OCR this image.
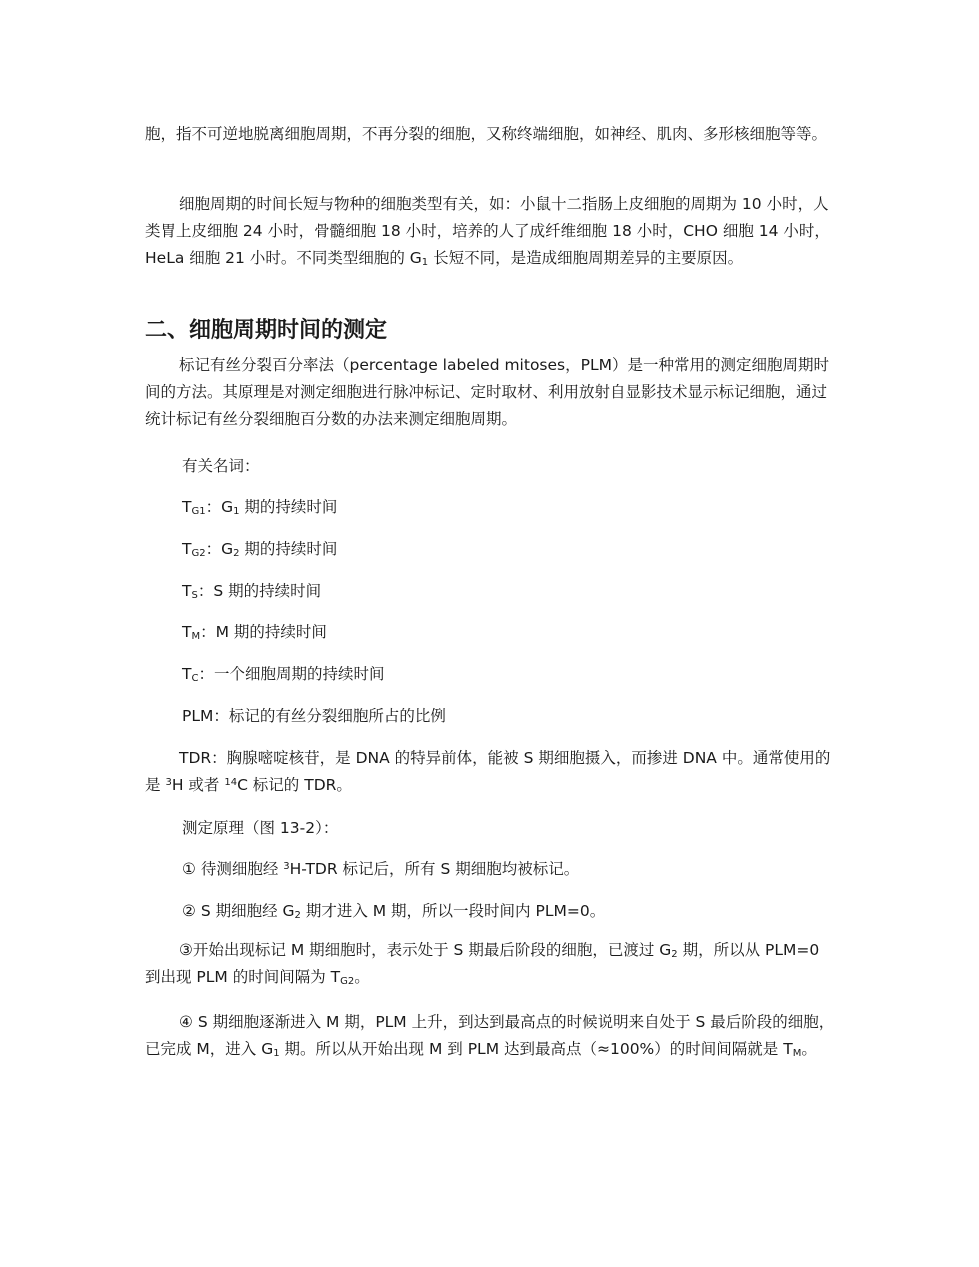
胞，指不可逆地脱离细胞周期，不再分裂的细胞，又称终端细胞，如神经、肌肉、多形核细胞等等。
细胞周期的时间长短与物种的细胞类型有关，如：小鼠十二指肠上皮细胞的周期为 10 小时，人类胃上皮细胞 24 小时，骨髓细胞 18 小时，培养的人了成纤维细胞 18 小时，CHO 细胞 14 小时，HeLa 细胞 21 小时。不同类型细胞的 $G_1$ 长短不同，是造成细胞周期差异的主要原因。
二、细胞周期时间的测定
标记有丝分裂百分率法（percentage labeled mitoses，PLM）是一种常用的测定细胞周期时间的方法。其原理是对测定细胞进行脉冲标记、定时取材、利用放射自显影技术显示标记细胞，通过统计标记有丝分裂细胞百分数的办法来测定细胞周期。
有关名词：
$T_{G1}$：$G_1$ 期的持续时间
$T_{G2}$：$G_2$ 期的持续时间
$T_S$：S 期的持续时间
$T_M$：M 期的持续时间
$T_C$：一个细胞周期的持续时间
PLM：标记的有丝分裂细胞所占的比例
TDR：胸腺嘧啶核苷，是 DNA 的特异前体，能被 S 期细胞摄入，而掺进 DNA 中。通常使用的是 $^3$H 或者 $^{14}$C 标记的 TDR。
测定原理（图 13-2）：
① 待测细胞经 $^3$H-TDR 标记后，所有 S 期细胞均被标记。
② S 期细胞经 $G_2$ 期才进入 M 期，所以一段时间内 PLM=0。
③开始出现标记 M 期细胞时，表示处于 S 期最后阶段的细胞，已渡过 $G_2$ 期，所以从 PLM=0 到出现 PLM 的时间间隔为 $T_{G2}$。
④ S 期细胞逐渐进入 M 期，PLM 上升，到达到最高点的时候说明来自处于 S 最后阶段的细胞，已完成 M，进入 $G_1$ 期。所以从开始出现 M 到 PLM 达到最高点（≈100%）的时间间隔就是 $T_M$。
